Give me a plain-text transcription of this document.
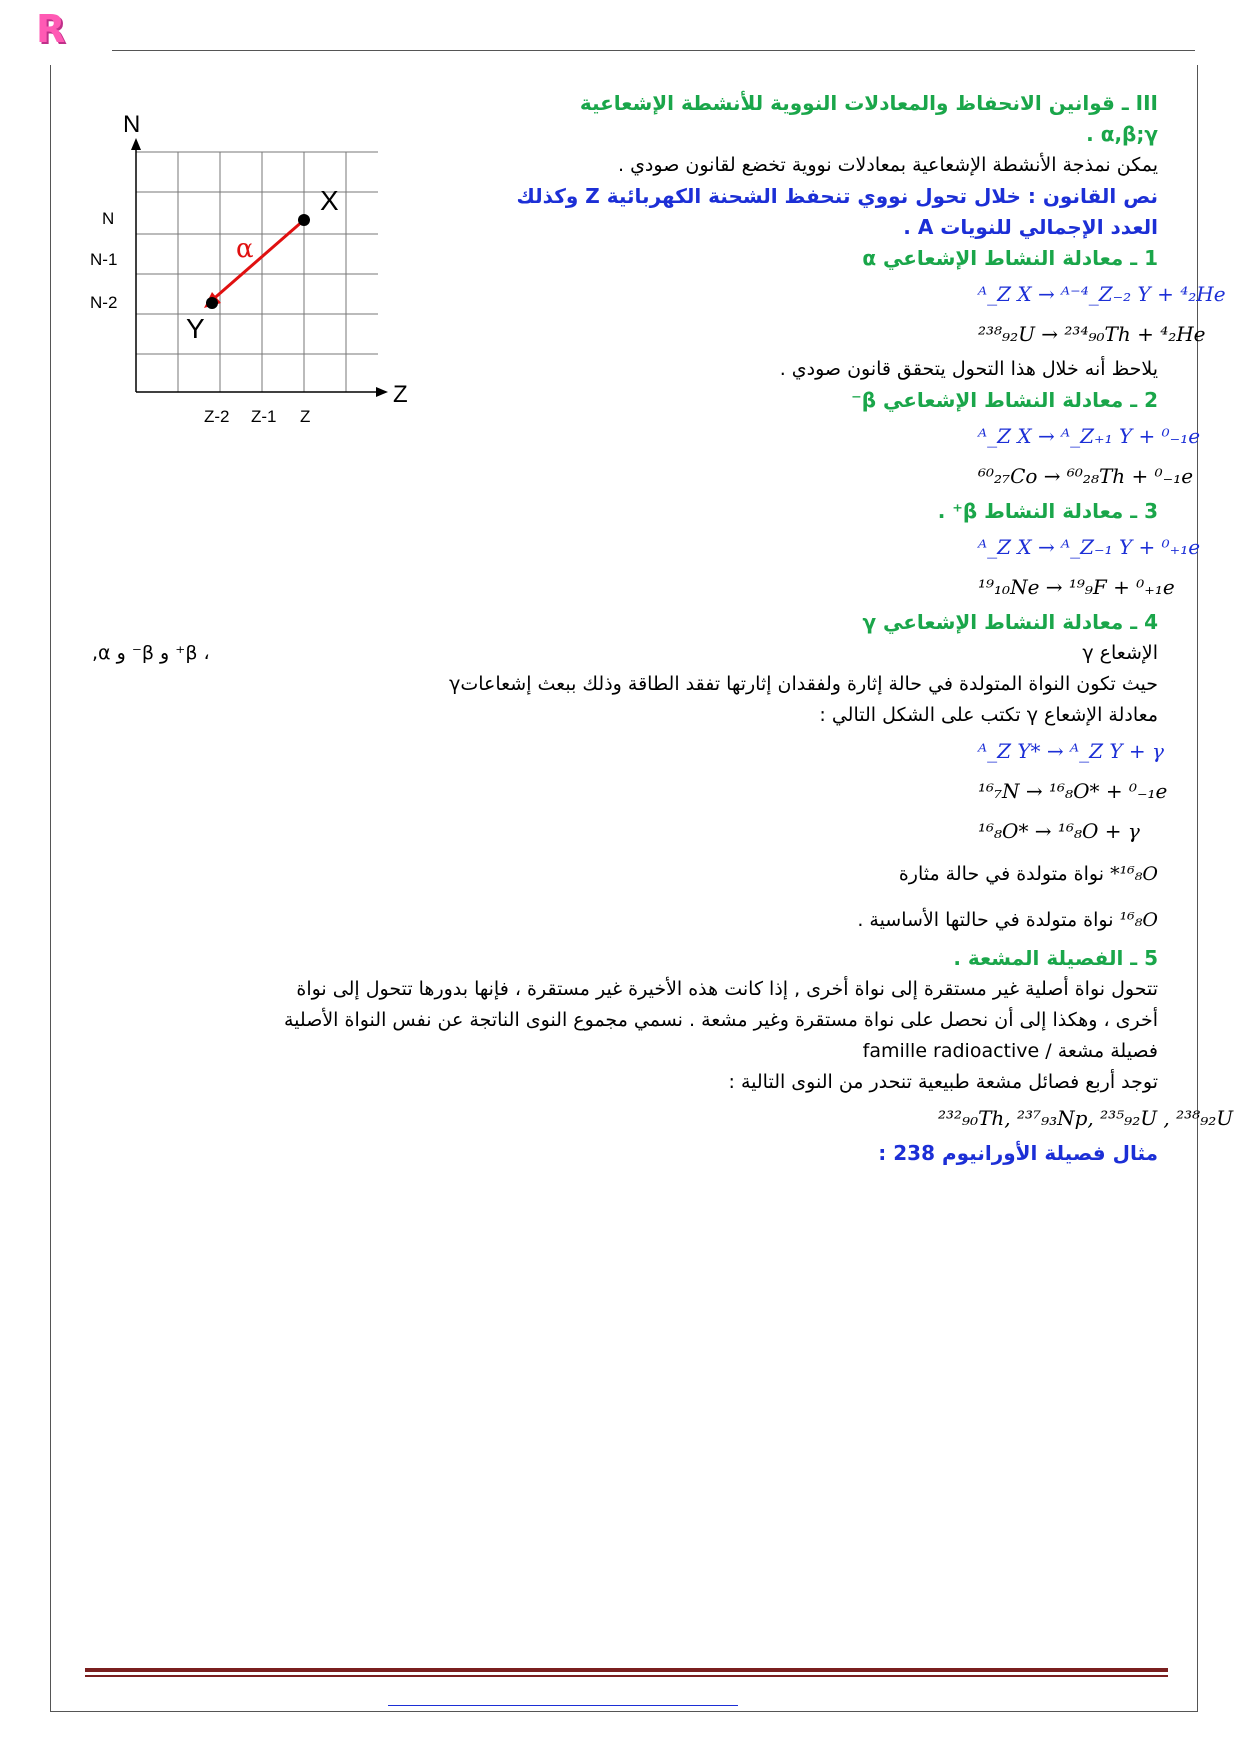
R
N
Z
N
N-1
N-2
Z-2 Z-1 Z
X
Y
α
III ـ قوانين الانحفاظ والمعادلات النووية للأنشطة الإشعاعية
α,β;γ .
يمكن نمذجة الأنشطة الإشعاعية بمعادلات نووية تخضع لقانون صودي .
نص القانون : خلال تحول نووي تنحفظ الشحنة الكهربائية Z وكذلك
العدد الإجمالي للنويات A .
1 ـ معادلة النشاط الإشعاعي α
ᴬ_Z X → ᴬ⁻⁴_Z₋₂ Y + ⁴₂He
²³⁸₉₂U → ²³⁴₉₀Th + ⁴₂He
يلاحظ أنه خلال هذا التحول يتحقق قانون صودي .
2 ـ معادلة النشاط الإشعاعي β⁻
ᴬ_Z X → ᴬ_Z₊₁ Y + ⁰₋₁e
⁶⁰₂₇Co → ⁶⁰₂₈Th + ⁰₋₁e
3 ـ معادلة النشاط β⁺ .
ᴬ_Z X → ᴬ_Z₋₁ Y + ⁰₊₁e
¹⁹₁₀Ne → ¹⁹₉F + ⁰₊₁e
4 ـ معادلة النشاط الإشعاعي γ
الإشعاع γ
، β⁺ و β⁻ و α,
حيث تكون النواة المتولدة في حالة إثارة ولفقدان إثارتها تفقد الطاقة وذلك ببعث إشعاعاتγ
معادلة الإشعاع γ تكتب على الشكل التالي :
ᴬ_Z Y* → ᴬ_Z Y + γ
¹⁶₇N → ¹⁶₈O* + ⁰₋₁e
¹⁶₈O* → ¹⁶₈O + γ
¹⁶₈O* نواة متولدة في حالة مثارة
¹⁶₈O نواة متولدة في حالتها الأساسية .
5 ـ الفصيلة المشعة .
تتحول نواة أصلية غير مستقرة إلى نواة أخرى , إذا كانت هذه الأخيرة غير مستقرة ، فإنها بدورها تتحول إلى نواة
أخرى ، وهكذا إلى أن نحصل على نواة مستقرة وغير مشعة . نسمي مجموع النوى الناتجة عن نفس النواة الأصلية
فصيلة مشعة / famille radioactive
توجد أربع فصائل مشعة طبيعية تنحدر من النوى التالية :
²³²₉₀Th, ²³⁷₉₃Np, ²³⁵₉₂U , ²³⁸₉₂U
مثال فصيلة الأورانيوم 238 :
